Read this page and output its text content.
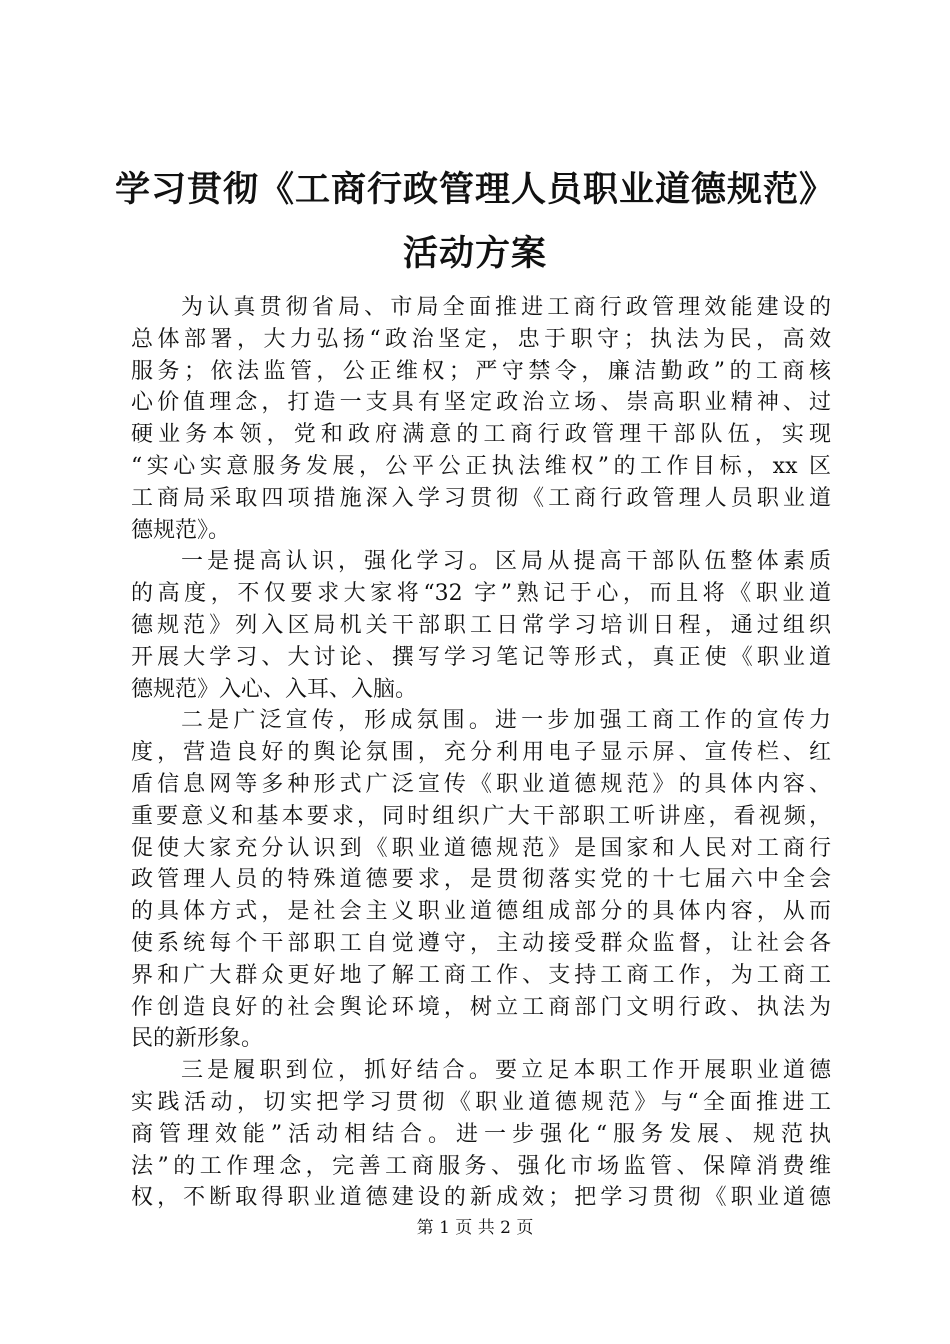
学习贯彻《工商行政管理人员职业道德规范》
活动方案
为认真贯彻省局、市局全面推进工商行政管理效能建设的
总体部署，大力弘扬“政治坚定，忠于职守；执法为民，高效
服务；依法监管，公正维权；严守禁令，廉洁勤政”的工商核
心价值理念，打造一支具有坚定政治立场、崇高职业精神、过
硬业务本领，党和政府满意的工商行政管理干部队伍，实现
“实心实意服务发展，公平公正执法维权”的工作目标，xx 区
工商局采取四项措施深入学习贯彻《工商行政管理人员职业道
德规范》。
一是提高认识，强化学习。区局从提高干部队伍整体素质
的高度，不仅要求大家将“32 字”熟记于心，而且将《职业道
德规范》列入区局机关干部职工日常学习培训日程，通过组织
开展大学习、大讨论、撰写学习笔记等形式，真正使《职业道
德规范》入心、入耳、入脑。
二是广泛宣传，形成氛围。进一步加强工商工作的宣传力
度，营造良好的舆论氛围，充分利用电子显示屏、宣传栏、红
盾信息网等多种形式广泛宣传《职业道德规范》的具体内容、
重要意义和基本要求，同时组织广大干部职工听讲座，看视频，
促使大家充分认识到《职业道德规范》是国家和人民对工商行
政管理人员的特殊道德要求，是贯彻落实党的十七届六中全会
的具体方式，是社会主义职业道德组成部分的具体内容，从而
使系统每个干部职工自觉遵守，主动接受群众监督，让社会各
界和广大群众更好地了解工商工作、支持工商工作，为工商工
作创造良好的社会舆论环境，树立工商部门文明行政、执法为
民的新形象。
三是履职到位，抓好结合。要立足本职工作开展职业道德
实践活动，切实把学习贯彻《职业道德规范》与“全面推进工
商管理效能”活动相结合。进一步强化“服务发展、规范执
法”的工作理念，完善工商服务、强化市场监管、保障消费维
权，不断取得职业道德建设的新成效；把学习贯彻《职业道德
第 1 页 共 2 页
